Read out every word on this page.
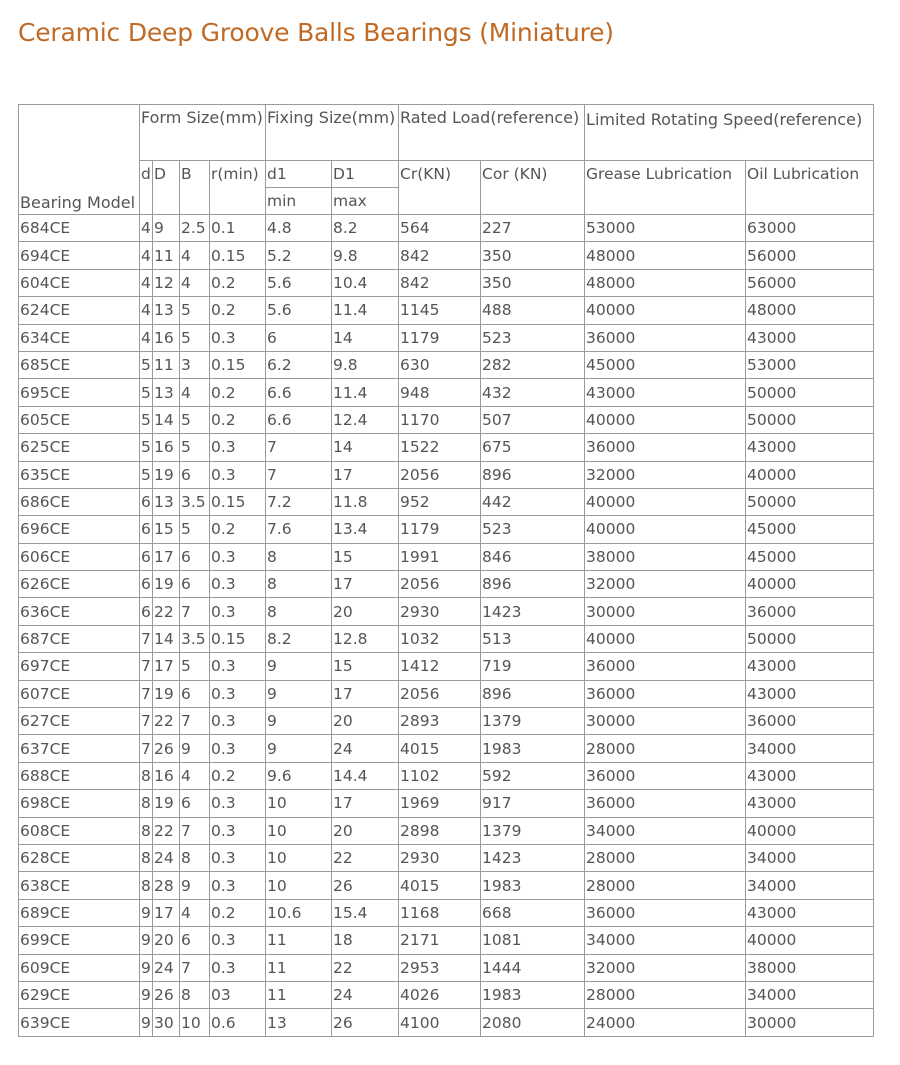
Ceramic Deep Groove Balls Bearings (Miniature)
Bearing Model	Form Size(mm)				Fixing Size(mm)		Rated Load(reference)		Limited Rotating Speed(reference)	
	d	D	B	r(min)	d1	D1	Cr(KN)	Cor (KN)	Grease Lubrication	Oil Lubrication
					min	max				
684CE	4	9	2.5	0.1	4.8	8.2	564	227	53000	63000
694CE	4	11	4	0.15	5.2	9.8	842	350	48000	56000
604CE	4	12	4	0.2	5.6	10.4	842	350	48000	56000
624CE	4	13	5	0.2	5.6	11.4	1145	488	40000	48000
634CE	4	16	5	0.3	6	14	1179	523	36000	43000
685CE	5	11	3	0.15	6.2	9.8	630	282	45000	53000
695CE	5	13	4	0.2	6.6	11.4	948	432	43000	50000
605CE	5	14	5	0.2	6.6	12.4	1170	507	40000	50000
625CE	5	16	5	0.3	7	14	1522	675	36000	43000
635CE	5	19	6	0.3	7	17	2056	896	32000	40000
686CE	6	13	3.5	0.15	7.2	11.8	952	442	40000	50000
696CE	6	15	5	0.2	7.6	13.4	1179	523	40000	45000
606CE	6	17	6	0.3	8	15	1991	846	38000	45000
626CE	6	19	6	0.3	8	17	2056	896	32000	40000
636CE	6	22	7	0.3	8	20	2930	1423	30000	36000
687CE	7	14	3.5	0.15	8.2	12.8	1032	513	40000	50000
697CE	7	17	5	0.3	9	15	1412	719	36000	43000
607CE	7	19	6	0.3	9	17	2056	896	36000	43000
627CE	7	22	7	0.3	9	20	2893	1379	30000	36000
637CE	7	26	9	0.3	9	24	4015	1983	28000	34000
688CE	8	16	4	0.2	9.6	14.4	1102	592	36000	43000
698CE	8	19	6	0.3	10	17	1969	917	36000	43000
608CE	8	22	7	0.3	10	20	2898	1379	34000	40000
628CE	8	24	8	0.3	10	22	2930	1423	28000	34000
638CE	8	28	9	0.3	10	26	4015	1983	28000	34000
689CE	9	17	4	0.2	10.6	15.4	1168	668	36000	43000
699CE	9	20	6	0.3	11	18	2171	1081	34000	40000
609CE	9	24	7	0.3	11	22	2953	1444	32000	38000
629CE	9	26	8	03	11	24	4026	1983	28000	34000
639CE	9	30	10	0.6	13	26	4100	2080	24000	30000
